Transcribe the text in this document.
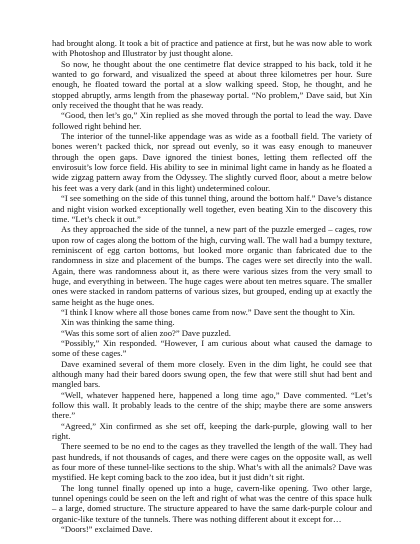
had brought along. It took a bit of practice and patience at first, but he was now able to work with Photoshop and Illustrator by just thought alone.

So now, he thought about the one centimetre flat device strapped to his back, told it he wanted to go forward, and visualized the speed at about three kilometres per hour. Sure enough, he floated toward the portal at a slow walking speed. Stop, he thought, and he stopped abruptly, arms length from the phaseway portal. “No problem,” Dave said, but Xin only received the thought that he was ready.

“Good, then let’s go,” Xin replied as she moved through the portal to lead the way. Dave followed right behind her.

The interior of the tunnel-like appendage was as wide as a football field. The variety of bones weren’t packed thick, nor spread out evenly, so it was easy enough to maneuver through the open gaps. Dave ignored the tiniest bones, letting them reflected off the envirosuit’s low force field. His ability to see in minimal light came in handy as he floated a wide zigzag pattern away from the Odyssey. The slightly curved floor, about a metre below his feet was a very dark (and in this light) undetermined colour.

“I see something on the side of this tunnel thing, around the bottom half.” Dave’s distance and night vision worked exceptionally well together, even beating Xin to the discovery this time. “Let’s check it out.”

As they approached the side of the tunnel, a new part of the puzzle emerged – cages, row upon row of cages along the bottom of the high, curving wall. The wall had a bumpy texture, reminiscent of egg carton bottoms, but looked more organic than fabricated due to the randomness in size and placement of the bumps. The cages were set directly into the wall. Again, there was randomness about it, as there were various sizes from the very small to huge, and everything in between. The huge cages were about ten metres square. The smaller ones were stacked in random patterns of various sizes, but grouped, ending up at exactly the same height as the huge ones.

“I think I know where all those bones came from now.” Dave sent the thought to Xin.

Xin was thinking the same thing.

“Was this some sort of alien zoo?” Dave puzzled.

“Possibly,” Xin responded. “However, I am curious about what caused the damage to some of these cages.”

Dave examined several of them more closely. Even in the dim light, he could see that although many had their bared doors swung open, the few that were still shut had bent and mangled bars.

“Well, whatever happened here, happened a long time ago,” Dave commented. “Let’s follow this wall. It probably leads to the centre of the ship; maybe there are some answers there.”

“Agreed,” Xin confirmed as she set off, keeping the dark-purple, glowing wall to her right.

There seemed to be no end to the cages as they travelled the length of the wall. They had past hundreds, if not thousands of cages, and there were cages on the opposite wall, as well as four more of these tunnel-like sections to the ship. What’s with all the animals? Dave was mystified. He kept coming back to the zoo idea, but it just didn’t sit right.

The long tunnel finally opened up into a huge, cavern-like opening. Two other large, tunnel openings could be seen on the left and right of what was the centre of this space hulk – a large, domed structure. The structure appeared to have the same dark-purple colour and organic-like texture of the tunnels. There was nothing different about it except for…

“Doors!” exclaimed Dave.
